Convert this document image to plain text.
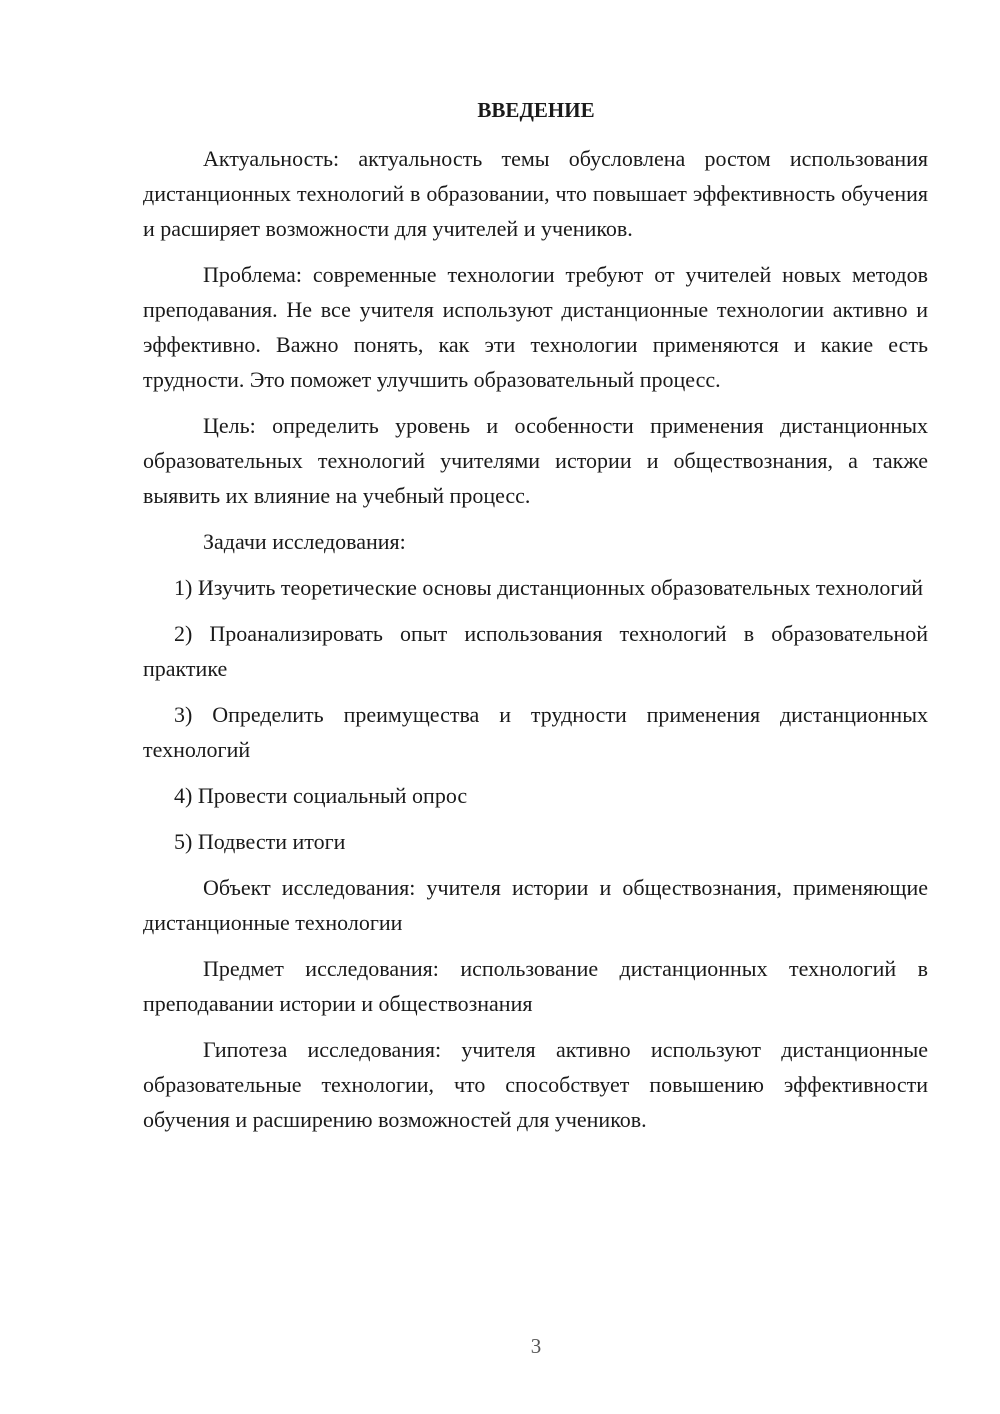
ВВЕДЕНИЕ

Актуальность: актуальность темы обусловлена ростом использования дистанционных технологий в образовании, что повышает эффективность обучения и расширяет возможности для учителей и учеников.

Проблема: современные технологии требуют от учителей новых методов преподавания. Не все учителя используют дистанционные технологии активно и эффективно. Важно понять, как эти технологии применяются и какие есть трудности. Это поможет улучшить образовательный процесс.

Цель: определить уровень и особенности применения дистанционных образовательных технологий учителями истории и обществознания, а также выявить их влияние на учебный процесс.

Задачи исследования:

1) Изучить теоретические основы дистанционных образовательных технологий

2) Проанализировать опыт использования технологий в образовательной практике

3) Определить преимущества и трудности применения дистанционных технологий

4) Провести социальный опрос

5) Подвести итоги

Объект исследования: учителя истории и обществознания, применяющие дистанционные технологии

Предмет исследования: использование дистанционных технологий в преподавании истории и обществознания

Гипотеза исследования: учителя активно используют дистанционные образовательные технологии, что способствует повышению эффективности обучения и расширению возможностей для учеников.

3
